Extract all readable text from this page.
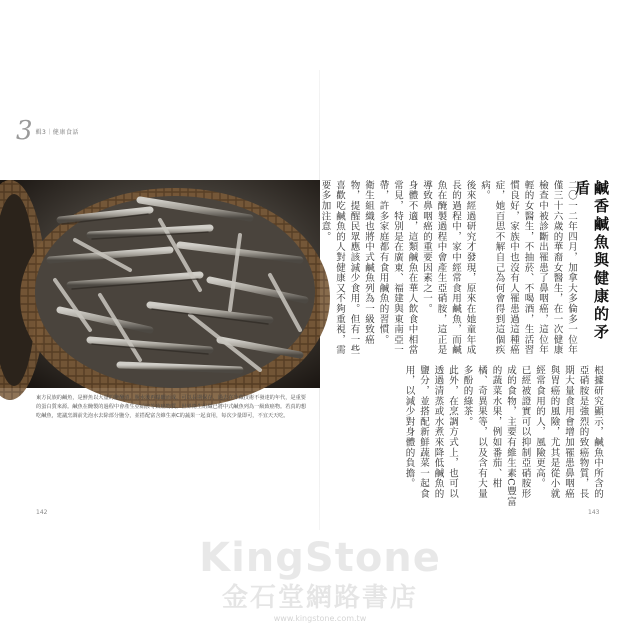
3 輯3｜健康食話
東方民族的鹹魚，是鮮魚以大量的鹽醃漬、脫水後再曝曬而成，可以長期保存，過去在冷藏技術不發達的年代，是重要的蛋白質來源。鹹魚在醃製的過程中會產生亞硝胺等致癌物質，世界衛生組織已將中式鹹魚列為一級致癌物。若真的想吃鹹魚，建議烹調前先泡水去除部分鹽分，並搭配富含維生素C的蔬果一起食用，每次少量即可，不宜天天吃。
142	143
鹹香鹹魚與健康的矛盾
二〇一二年四月，加拿大多倫多一位年僅三十六歲的華裔女醫生，在一次健康檢查中被診斷出罹患了鼻咽癌，這位年輕的女醫生，不抽菸、不喝酒，生活習慣良好，家族中也沒有人罹患過這種癌症，她百思不解自己為何會得到這個疾病。
後來經過研究才發現，原來在她童年成長的過程中，家中經常食用鹹魚，而鹹魚在醃製過程中會產生亞硝胺，這正是導致鼻咽癌的重要因素之一。
身體不適，這類鹹魚在華人飲食中相當常見，特別是在廣東、福建與東南亞一帶，許多家庭都有食用鹹魚的習慣。
衛生組織也將中式鹹魚列為一級致癌物，提醒民眾應該減少食用。但有一些喜歡吃鹹魚的人對健康又不夠重視，需要多加注意。
根據研究顯示，鹹魚中所含的亞硝胺是強烈的致癌物質，長期大量食用會增加罹患鼻咽癌與胃癌的風險，尤其是從小就經常食用的人，風險更高。
已經被證實可以抑制亞硝胺形成的食物，主要有維生素C豐富的蔬菜水果，例如番茄、柑橘、奇異果等，以及含有大量多酚的綠茶。
此外，在烹調方式上，也可以透過清蒸或水煮來降低鹹魚的鹽分，並搭配新鮮蔬菜一起食用，以減少對身體的負擔。
KingStone
金石堂網路書店
www.kingstone.com.tw
